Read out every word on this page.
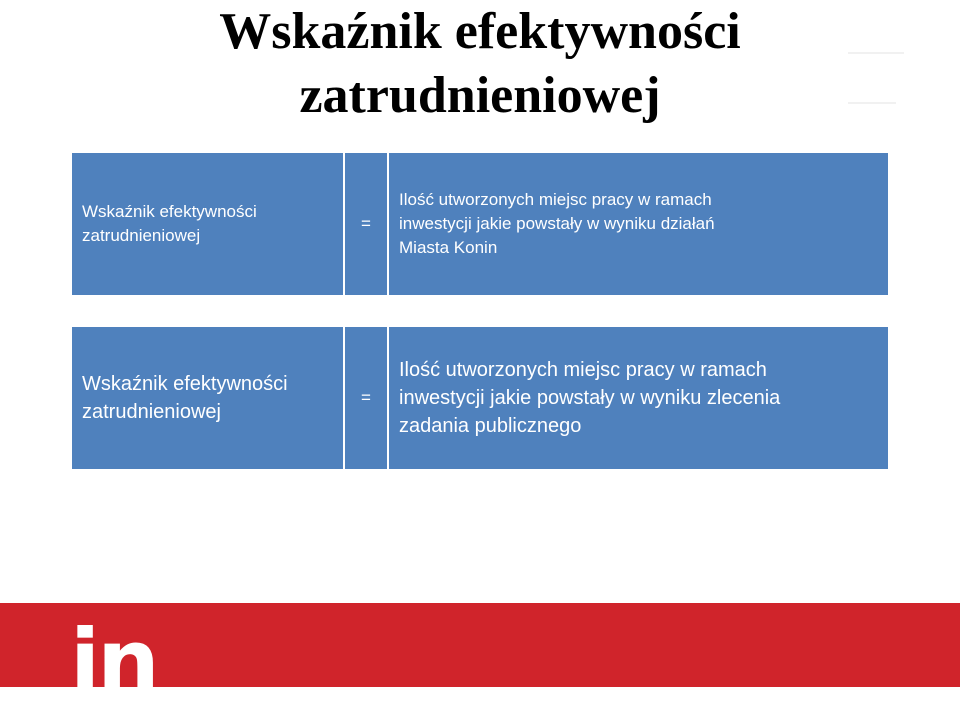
Wskaźnik efektywności
zatrudnieniowej
Wskaźnik efektywności
zatrudnieniowej
=
Ilość utworzonych miejsc pracy w ramach
inwestycji jakie powstały w wyniku działań
Miasta Konin
Wskaźnik efektywności
zatrudnieniowej
=
Ilość utworzonych miejsc pracy w ramach
inwestycji jakie powstały w wyniku zlecenia
zadania publicznego
in
